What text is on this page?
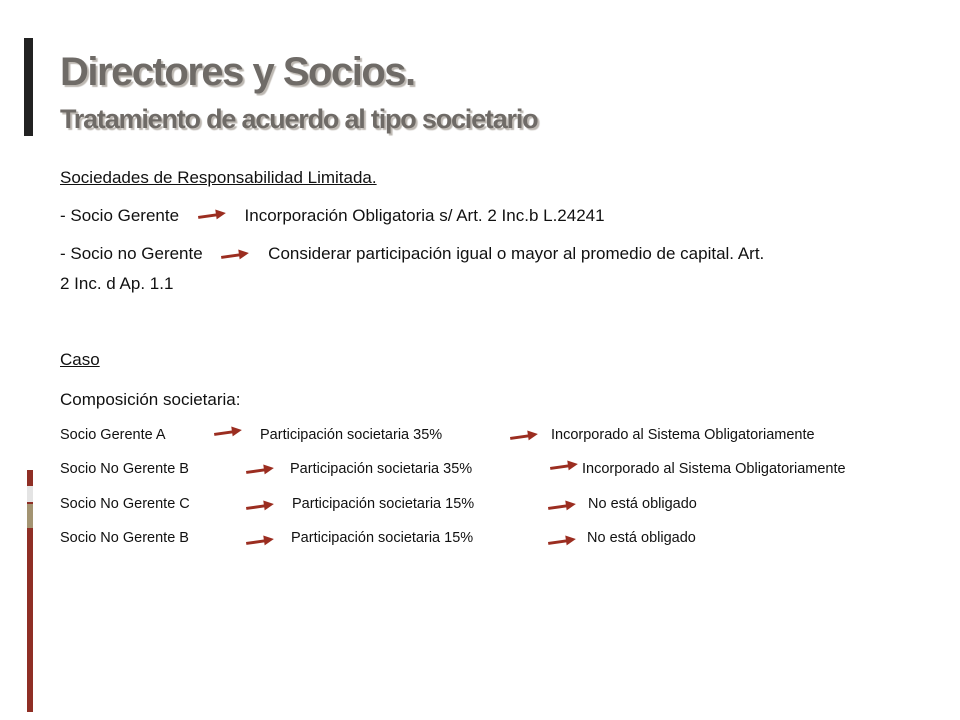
Directores y Socios.
Tratamiento de acuerdo al tipo societario
Sociedades de Responsabilidad Limitada.
- Socio Gerente	Incorporación Obligatoria s/ Art. 2 Inc.b L.24241
- Socio no Gerente	Considerar participación igual o mayor al promedio de capital. Art.
2 Inc. d Ap. 1.1
Caso
Composición societaria:
Socio Gerente A	Participación societaria 35%	Incorporado al Sistema Obligatoriamente
Socio No Gerente B	Participación societaria 35%	Incorporado al Sistema Obligatoriamente
Socio No Gerente C	Participación societaria 15%	No está obligado
Socio No Gerente B	Participación societaria 15%	No está obligado
